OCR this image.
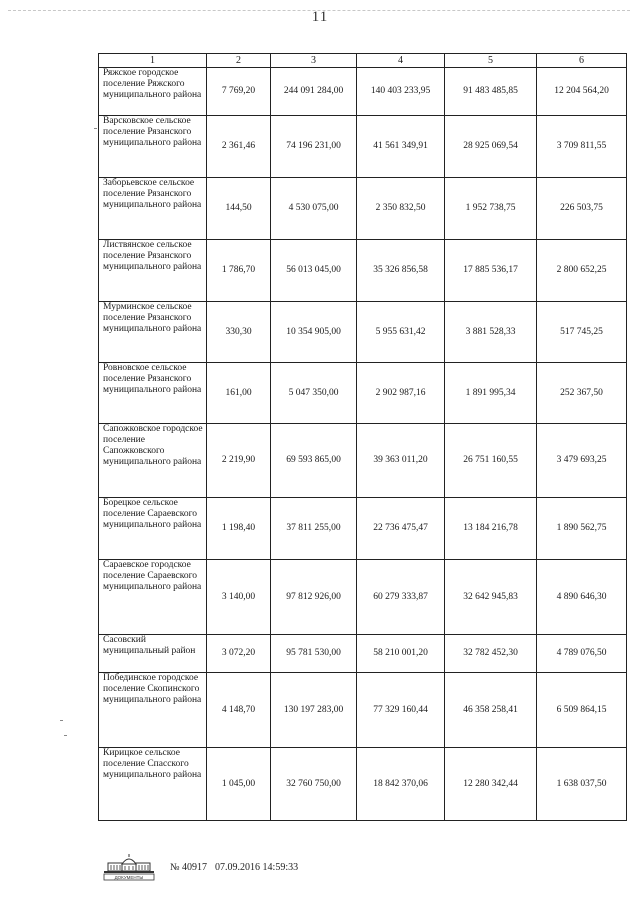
11
1	2	3	4	5	6
Ряжское городское поселение Ряжского муниципального района	7 769,20	244 091 284,00	140 403 233,95	91 483 485,85	12 204 564,20
Варсковское сельское поселение Рязанского муниципального района	2 361,46	74 196 231,00	41 561 349,91	28 925 069,54	3 709 811,55
Заборьевское сельское поселение Рязанского муниципального района	144,50	4 530 075,00	2 350 832,50	1 952 738,75	226 503,75
Листвянское сельское поселение Рязанского муниципального района	1 786,70	56 013 045,00	35 326 856,58	17 885 536,17	2 800 652,25
Мурминское сельское поселение Рязанского муниципального района	330,30	10 354 905,00	5 955 631,42	3 881 528,33	517 745,25
Ровновское сельское поселение Рязанского муниципального района	161,00	5 047 350,00	2 902 987,16	1 891 995,34	252 367,50
Сапожковское городское поселение Сапожковского муниципального района	2 219,90	69 593 865,00	39 363 011,20	26 751 160,55	3 479 693,25
Борецкое сельское поселение Сараевского муниципального района	1 198,40	37 811 255,00	22 736 475,47	13 184 216,78	1 890 562,75
Сараевское городское поселение Сараевского муниципального района	3 140,00	97 812 926,00	60 279 333,87	32 642 945,83	4 890 646,30
Сасовский муниципальный район	3 072,20	95 781 530,00	58 210 001,20	32 782 452,30	4 789 076,50
Побединское городское поселение Скопинского муниципального района	4 148,70	130 197 283,00	77 329 160,44	46 358 258,41	6 509 864,15
Кирицкое сельское поселение Спасского муниципального района	1 045,00	32 760 750,00	18 842 370,06	12 280 342,44	1 638 037,50
ДОКУМЕНТЫ
№ 40917 07.09.2016 14:59:33
